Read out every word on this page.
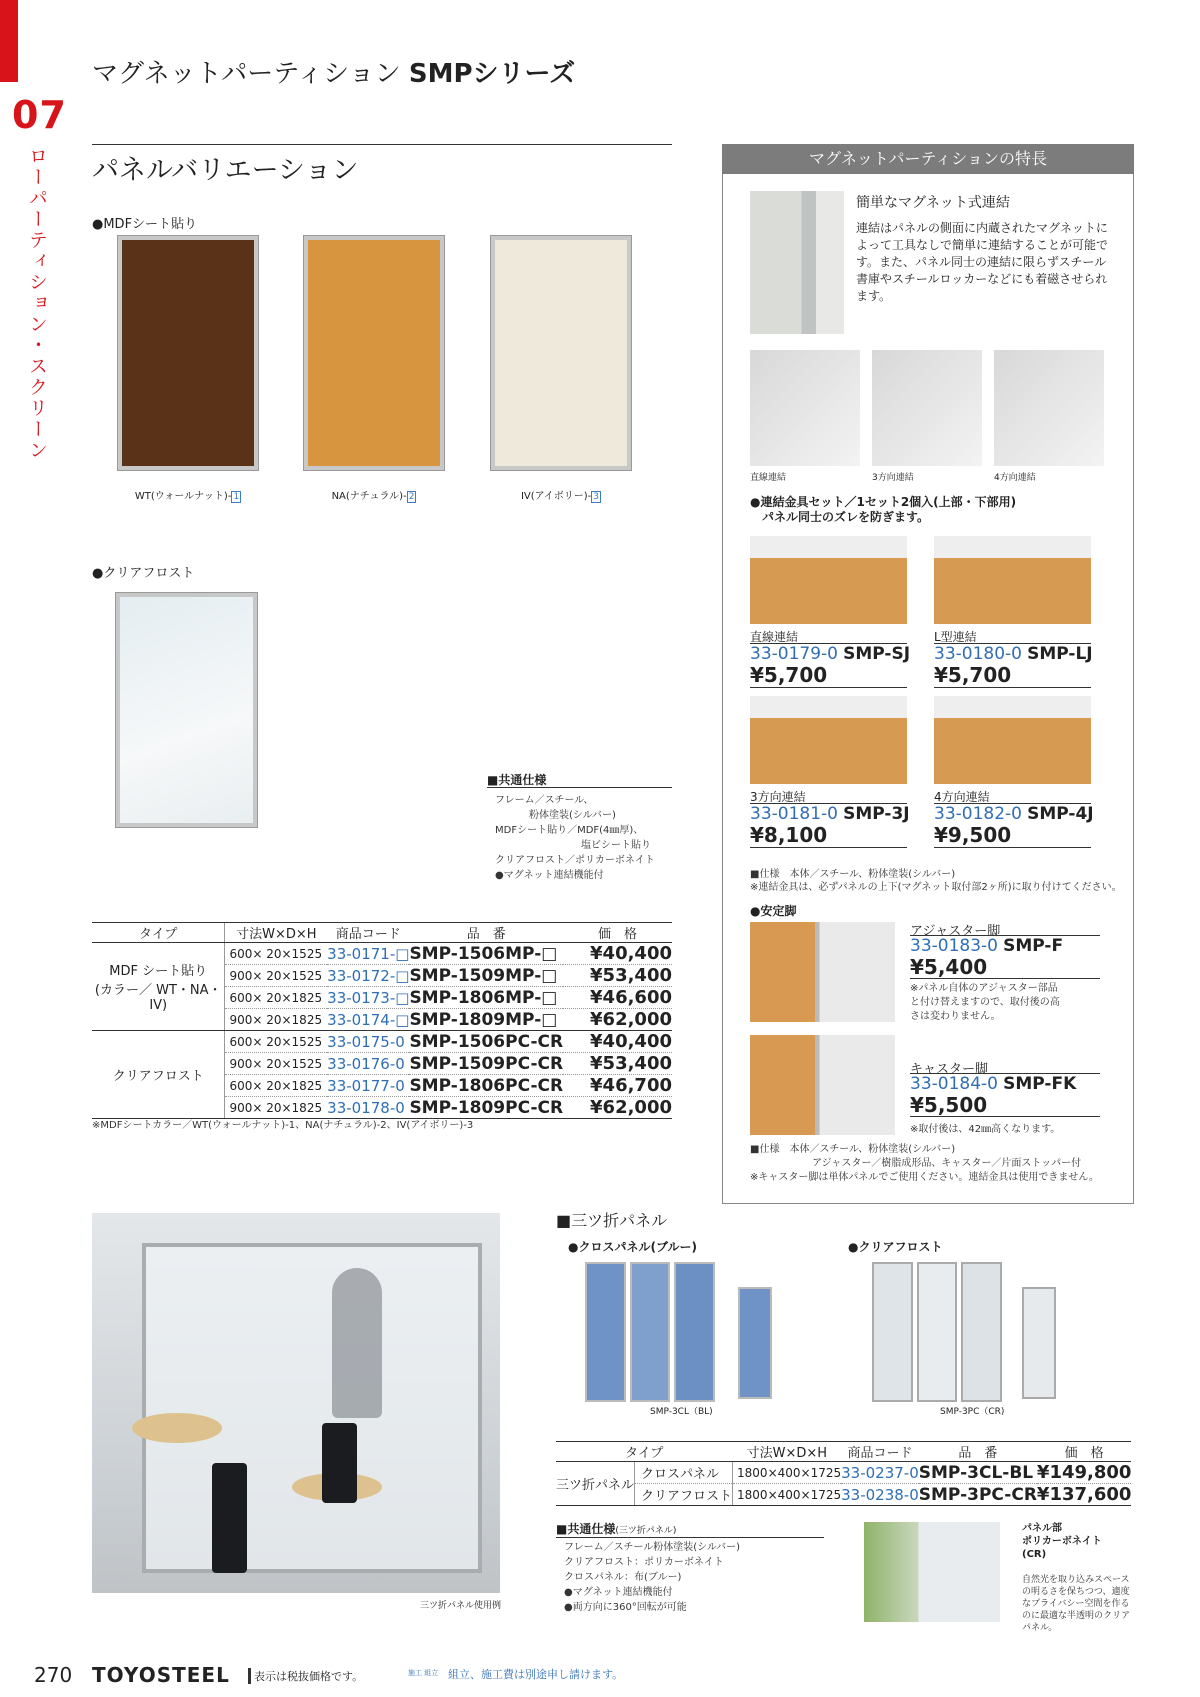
07
ローパーティション・スクリーン
マグネットパーティション SMPシリーズ
パネルバリエーション
●MDFシート貼り
WT(ウォールナット)- 1	NA(ナチュラル)- 2	IV(アイボリー)- 3
●クリアフロスト
■共通仕様
フレーム／スチール、
粉体塗装(シルバー)
MDFシート貼り／MDF(4㎜厚)、
塩ビシート貼り
クリアフロスト／ポリカーボネイト
●マグネット連結機能付
タイプ	寸法W×D×H	商品コード	品　番	価　格
MDF シート貼り
(カラー／ WT・NA・IV)	600× 20×1525	33-0171-□	SMP-1506MP-□	¥40,400
	900× 20×1525	33-0172-□	SMP-1509MP-□	¥53,400
	600× 20×1825	33-0173-□	SMP-1806MP-□	¥46,600
	900× 20×1825	33-0174-□	SMP-1809MP-□	¥62,000
クリアフロスト	600× 20×1525	33-0175-0	SMP-1506PC-CR	¥40,400
	900× 20×1525	33-0176-0	SMP-1509PC-CR	¥53,400
	600× 20×1825	33-0177-0	SMP-1806PC-CR	¥46,700
	900× 20×1825	33-0178-0	SMP-1809PC-CR	¥62,000
※MDFシートカラー／WT(ウォールナット)-1、NA(ナチュラル)-2、IV(アイボリー)-3
マグネットパーティションの特長
簡単なマグネット式連結
連結はパネルの側面に内蔵されたマグネットによって工具なしで簡単に連結することが可能です。また、パネル同士の連結に限らずスチール書庫やスチールロッカーなどにも着磁させられます。
直線連結	3方向連結	4方向連結
●連結金具セット／1セット2個入(上部・下部用)
パネル同士のズレを防ぎます。
直線連結
33-0179-0 SMP-SJ
¥5,700
L型連結
33-0180-0 SMP-LJ
¥5,700
3方向連結
33-0181-0 SMP-3J
¥8,100
4方向連結
33-0182-0 SMP-4J
¥9,500
■仕様　本体／スチール、粉体塗装(シルバー)
※連結金具は、必ずパネルの上下(マグネット取付部2ヶ所)に取り付けてください。
●安定脚
アジャスター脚
33-0183-0 SMP-F
¥5,400
※パネル自体のアジャスター部品と付け替えますので、取付後の高さは変わりません。
キャスター脚
33-0184-0 SMP-FK
¥5,500
※取付後は、42㎜高くなります。
■仕様　本体／スチール、粉体塗装(シルバー)
アジャスター／樹脂成形品、キャスター／片面ストッパー付
※キャスター脚は単体パネルでご使用ください。連結金具は使用できません。
三ツ折パネル使用例
■三ツ折パネル
●クロスパネル(ブルー)	●クリアフロスト
SMP-3CL（BL)	SMP-3PC（CR)
タイプ		寸法W×D×H	商品コード	品　番	価　格
三ツ折パネル	クロスパネル	1800×400×1725	33-0237-0	SMP-3CL-BL	¥149,800
	クリアフロスト	1800×400×1725	33-0238-0	SMP-3PC-CR	¥137,600
■共通仕様(三ツ折パネル)
フレーム／スチール粉体塗装(シルバー)
クリアフロスト：ポリカーボネイト
クロスパネル：布(ブルー)
●マグネット連結機能付
●両方向に360°回転が可能
パネル部
ポリカーボネイト
(CR)
自然光を取り込みスペースの明るさを保ちつつ、適度なプライバシー空間を作るのに最適な半透明のクリアパネル。
270 TOYOSTEEL	表示は税抜価格です。	施工 組立 組立、施工費は別途申し請けます。
